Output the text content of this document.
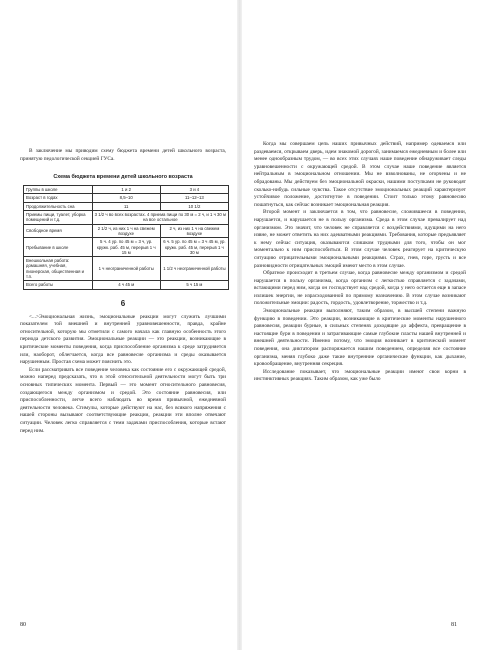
В заключение мы приводим схему бюджета времени детей школьного возраста, принятую педологической секцией ГУСа.

Схема бюджета времени детей школьного возраста
Группы в школе	1 и 2	3 и 4
Возраст в годах	8,5–10	11–12–13
Продолжительность сна	11	10 1/2
Приемы пищи, туалет, уборка помещений и т.д.	3 1/2 ч во всех возрастах. 4 приема пищи по 30 м = 2 ч, и 1 ч 30 м на все остальное	
Свободное время	2 1/2 ч, из них 1 ч на свежем воздухе	2 ч, из них 1 ч на свежем воздухе
Пребывание в школе	5 ч. 4 ур. по 45 м = 3 ч, ур. кружк. раб. 45 м, перерыв 1 ч 15 м	6 ч. 5 ур. по 45 м = 3 ч 45 м, ур. кружк. раб. 45 м, перерыв 1 ч 30 м
Внешкольная работа: домашняя, учебная, пионерская, общественная и т.п.	1 ч неограниченной работы	1 1/2 ч неограниченной работы
Всего работы	4 ч 45 м	5 ч 15 м
6

<...>Эмоциональная жизнь, эмоциональные реакции могут служить лучшими показателем той внешней и внутренней уравновешенности, правда, крайне относительной, которую мы отметили с самого начала как главную особенность этого периода детского развития. Эмоциональные реакции — это реакции, возникающие в критические моменты поведения, когда приспособление организма к среде затрудняется или, наоборот, облегчается, когда все равновесие организма и среды оказывается нарушенным. Простая схема может пояснить это.

Если рассматривать все поведение человека как состояние его с окружающей средой, можно наперед предсказать, что в этой относительной деятельности могут быть три основных типических момента. Первый — это момент относительного равновесия, создающегося между организмом и средой. Это состояние равновесия, или приспособленности, легче всего наблюдать во время привычной, ежедневной деятельности человека. Стимулы, которые действуют на нас, без всякого напряжения с нашей стороны вызывают соответствующие реакции, реакции эти вполне отвечают ситуации. Человек легко справляется с теми задачами приспособления, которые встают перед ним.

Когда мы совершаем цепь наших привычных действий, например одеваемся или раздеваемся, открываем дверь, идем знакомой дорогой, занимаемся ежедневным и более или менее однообразным трудом, — во всех этих случаях наше поведение обнаруживает следы уравновешенности с окружающей средой. В этом случае наше поведение является нейтральным в эмоциональном отношении. Мы не взволнованы, не огорчены и не обрадованы. Мы действуем без эмоциональной окраски, нашими поступками не руководят сколько-нибудь сильные чувства. Такое отсутствие эмоциональных реакций характеризует устойчивое положение, достигнутое в поведении. Стоит только этому равновесию пошатнуться, как сейчас возникает эмоциональная реакция.

Второй момент и заключается в том, что равновесие, сложившееся в поведении, нарушается, и нарушается не в пользу организма. Среда в этом случае превалирует над организмом. Это значит, что человек не справляется с воздействиями, идущими на него извне, не может ответить на них адекватными реакциями. Требования, которые предъявляет к нему сейчас ситуация, оказываются слишком трудными для того, чтобы он мог моментально к ним приспособиться. В этом случае человек реагирует на критическую ситуацию отрицательными эмоциональными реакциями. Страх, гнев, горе, грусть и все разновидности отрицательных эмоций имеют место в этом случае.

Обратное происходит в третьем случае, когда равновесие между организмом и средой нарушается в пользу организма, когда организм с легкостью справляется с задачами, встающими перед ним, когда он господствует над средой, когда у него остается еще в запасе излишек энергии, не израсходованной по прямому назначению. В этом случае возникают положительные эмоции: радость, гордость, удовлетворение, торжество и т.д.

Эмоциональные реакции выполняют, таким образом, в высшей степени важную функцию в поведении. Это реакции, возникающие в критические моменты нарушенного равновесия, реакции бурные, в сильных степенях доходящие до аффекта, превращение в настоящие бури в поведении и затрагивающие самые глубокие пласты нашей внутренней и внешней деятельности. Именно потому, что эмоция возникает в критический момент поведения, она диктатором распоряжается нашим поведением, определяя все состояние организма, меняя глубоко даже такие внутренние органические функции, как дыхание, кровообращение, внутренняя секреция.

Исследование показывает, что эмоциональные реакции имеют свои корни в инстинктивных реакциях. Таким образом, как уже было

80	81
